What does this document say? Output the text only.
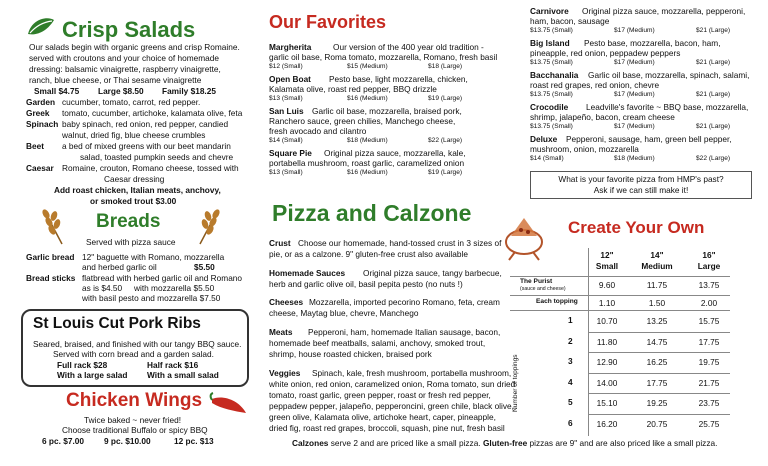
Crisp Salads
Our salads begin with organic greens and crisp Romaine.
served with croutons and your choice of homemade
dressing: balsamic vinaigrette, raspberry vinaigrette,
ranch, blue cheese, or Thai sesame vinaigrette
Small $4.75 Large $8.50 Family $18.25
Garden cucumber, tomato, carrot, red pepper.
Greek tomato, cucumber, artichoke, kalamata olive, feta
Spinach baby spinach, red onion, red pepper, candied
walnut, dried fig, blue cheese crumbles
Beet a bed of mixed greens with our beet mandarin
salad, toasted pumpkin seeds and chevre
Caesar Romaine, crouton, Romano cheese, tossed with
Caesar dressing
Add roast chicken, Italian meats, anchovy,
or smoked trout $3.00
Breads
Served with pizza sauce
Garlic bread 12" baguette with Romano, mozzarella
and herbed garlic oil	$5.50
Bread sticks flatbread with herbed garlic oil and Romano
as is $4.50 with mozzarella $5.50
with basil pesto and mozzarella $7.50
St Louis Cut Pork Ribs
Seared, braised, and finished with our tangy BBQ sauce.
Served with corn bread and a garden salad.
Full rack $28	Half rack $16
With a large salad With a small salad
Chicken Wings
Twice baked ~ never fried!
Choose traditional Buffalo or spicy BBQ
6 pc. $7.00 9 pc. $10.00	12 pc. $13
Our Favorites
Margherita	Our version of the 400 year old tradition -
garlic oil base, Roma tomato, mozzarella, Romano, fresh basil
$12 (Small)	$15 (Medium)	$18 (Large)
Open Boat Pesto base, light mozzarella, chicken,
Kalamata olive, roast red pepper, BBQ drizzle
$13 (Small)	$16 (Medium)	$19 (Large)
San Luis Garlic oil base, mozzarella, braised pork,
Ranchero sauce, green chilies, Manchego cheese,
fresh avocado and cilantro
$14 (Small)	$18 (Medium)	$22 (Large)
Square Pie Original pizza sauce, mozzarella, kale,
portabella mushroom, roast garlic, caramelized onion
$13 (Small)	$16 (Medium)	$19 (Large)
Carnivore Original pizza sauce, mozzarella, pepperoni,
ham, bacon, sausage
$13.75 (Small)	$17 (Medium)	$21 (Large)
Big Island Pesto base, mozzarella, bacon, ham,
pineapple, red onion, peppadew peppers
$13.75 (Small)	$17 (Medium)	$21 (Large)
Bacchanalia Garlic oil base, mozzarella, spinach, salami,
roast red grapes, red onion, chevre
$13.75 (Small)	$17 (Medium)	$21 (Large)
Crocodile Leadville's favorite ~ BBQ base, mozzarella,
shrimp, jalapeño, bacon, cream cheese
$13.75 (Small)	$17 (Medium)	$21 (Large)
Deluxe Pepperoni, sausage, ham, green bell pepper,
mushroom, onion, mozzarella
$14 (Small)	$18 (Medium)	$22 (Large)
What is your favorite pizza from HMP's past?
Ask if we can still make it!
Pizza and Calzone
Crust Choose our homemade, hand-tossed crust in 3 sizes of
pie, or as a calzone. 9" gluten-free crust also available
Homemade Sauces Original pizza sauce, tangy barbecue,
herb and garlic olive oil, basil pepita pesto (no nuts !)
Cheeses Mozzarella, imported pecorino Romano, feta, cream
cheese, Maytag blue, chevre, Manchego
Meats Pepperoni, ham, homemade Italian sausage, bacon,
homemade beef meatballs, salami, anchovy, smoked trout,
shrimp, house roasted chicken, braised pork
Veggies Spinach, kale, fresh mushroom, portabella mushroom,
white onion, red onion, caramelized onion, Roma tomato, sun dried
tomato, roast garlic, green pepper, roast or fresh red pepper,
peppadew pepper, jalapeño, pepperoncini, green chile, black olive,
green olive, Kalamata olive, artichoke heart, caper, pineapple,
dried fig, roast red grapes, broccoli, squash, pine nut, fresh basil
Calzones serve 2 and are priced like a small pizza. Gluten-free pizzas are 9" and are also priced like a small pizza.
Create Your Own
12"
Small
14"
Medium
16"
Large
The Purist
(sauce and cheese)	9.60	11.75	13.75
Each topping	1.10	1.50	2.00
Number of toppings
1	10.70	13.25	15.75
2	11.80	14.75	17.75
3	12.90	16.25	19.75
4	14.00	17.75	21.75
5	15.10	19.25	23.75
6	16.20	20.75	25.75
